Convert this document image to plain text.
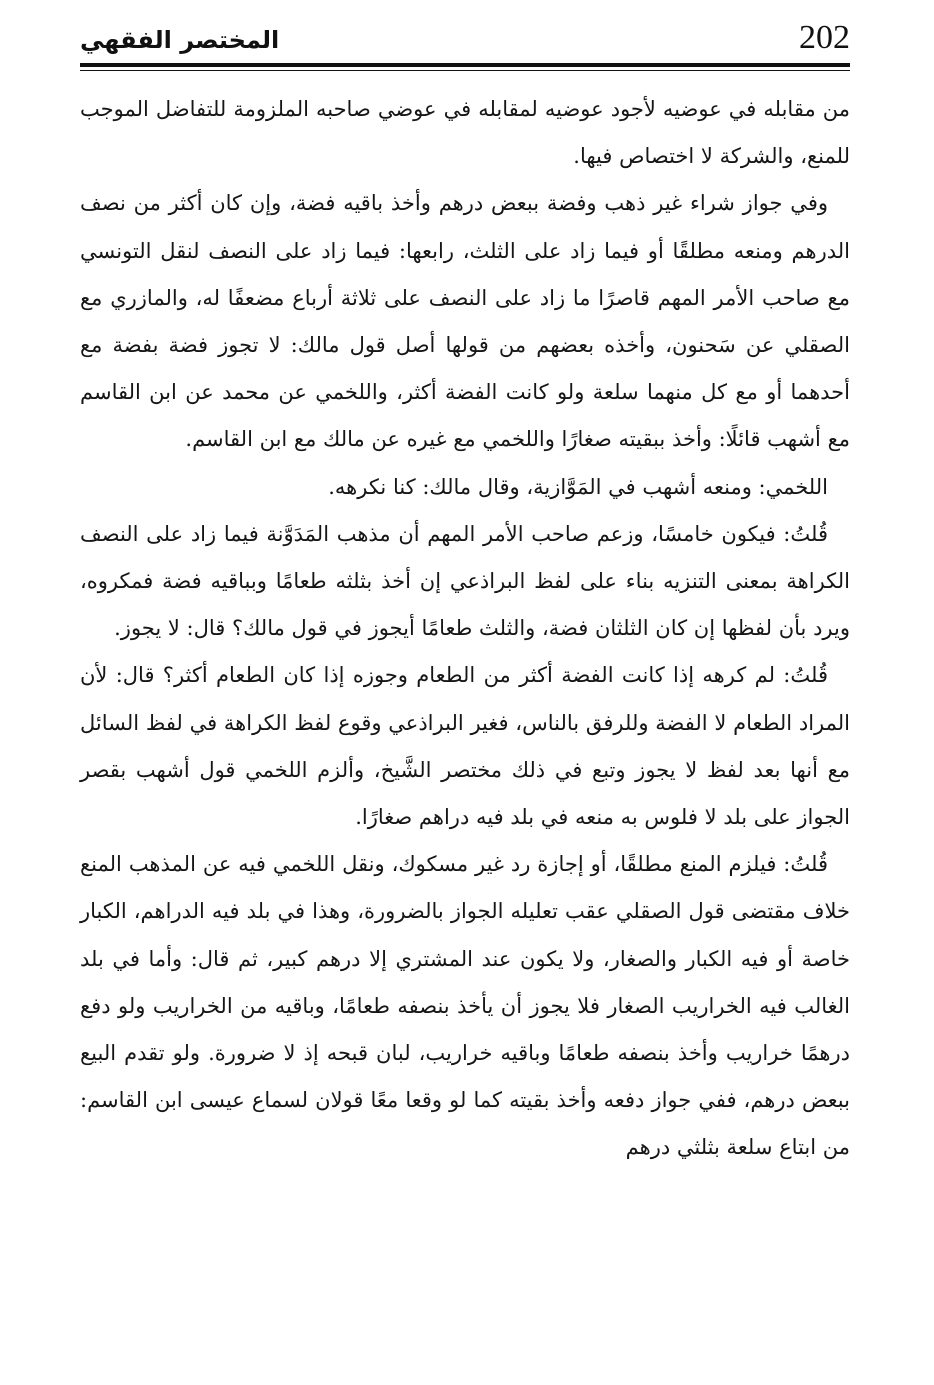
المختصر الفقهي	202

من مقابله في عوضيه لأجود عوضيه لمقابله في عوضي صاحبه الملزومة للتفاضل الموجب للمنع، والشركة لا اختصاص فيها.

وفي جواز شراء غير ذهب وفضة ببعض درهم وأخذ باقيه فضة، وإن كان أكثر من نصف الدرهم ومنعه مطلقًا أو فيما زاد على الثلث، رابعها: فيما زاد على النصف لنقل التونسي مع صاحب الأمر المهم قاصرًا ما زاد على النصف على ثلاثة أرباع مضعفًا له، والمازري مع الصقلي عن سَحنون، وأخذه بعضهم من قولها أصل قول مالك: لا تجوز فضة بفضة مع أحدهما أو مع كل منهما سلعة ولو كانت الفضة أكثر، واللخمي عن محمد عن ابن القاسم مع أشهب قائلًا: وأخذ ببقيته صغارًا واللخمي مع غيره عن مالك مع ابن القاسم.

اللخمي: ومنعه أشهب في المَوَّازية، وقال مالك: كنا نكرهه.

قُلتُ: فيكون خامسًا، وزعم صاحب الأمر المهم أن مذهب المَدَوَّنة فيما زاد على النصف الكراهة بمعنى التنزيه بناء على لفظ البراذعي إن أخذ بثلثه طعامًا وبباقيه فضة فمكروه، ويرد بأن لفظها إن كان الثلثان فضة، والثلث طعامًا أيجوز في قول مالك؟ قال: لا يجوز.

قُلتُ: لم كرهه إذا كانت الفضة أكثر من الطعام وجوزه إذا كان الطعام أكثر؟ قال: لأن المراد الطعام لا الفضة وللرفق بالناس، فغير البراذعي وقوع لفظ الكراهة في لفظ السائل مع أنها بعد لفظ لا يجوز وتبع في ذلك مختصر الشَّيخ، وألزم اللخمي قول أشهب بقصر الجواز على بلد لا فلوس به منعه في بلد فيه دراهم صغارًا.

قُلتُ: فيلزم المنع مطلقًا، أو إجازة رد غير مسكوك، ونقل اللخمي فيه عن المذهب المنع خلاف مقتضى قول الصقلي عقب تعليله الجواز بالضرورة، وهذا في بلد فيه الدراهم، الكبار خاصة أو فيه الكبار والصغار، ولا يكون عند المشتري إلا درهم كبير، ثم قال: وأما في بلد الغالب فيه الخراريب الصغار فلا يجوز أن يأخذ بنصفه طعامًا، وباقيه من الخراريب ولو دفع درهمًا خراريب وأخذ بنصفه طعامًا وباقيه خراريب، لبان قبحه إذ لا ضرورة. ولو تقدم البيع ببعض درهم، ففي جواز دفعه وأخذ بقيته كما لو وقعا معًا قولان لسماع عيسى ابن القاسم: من ابتاع سلعة بثلثي درهم
